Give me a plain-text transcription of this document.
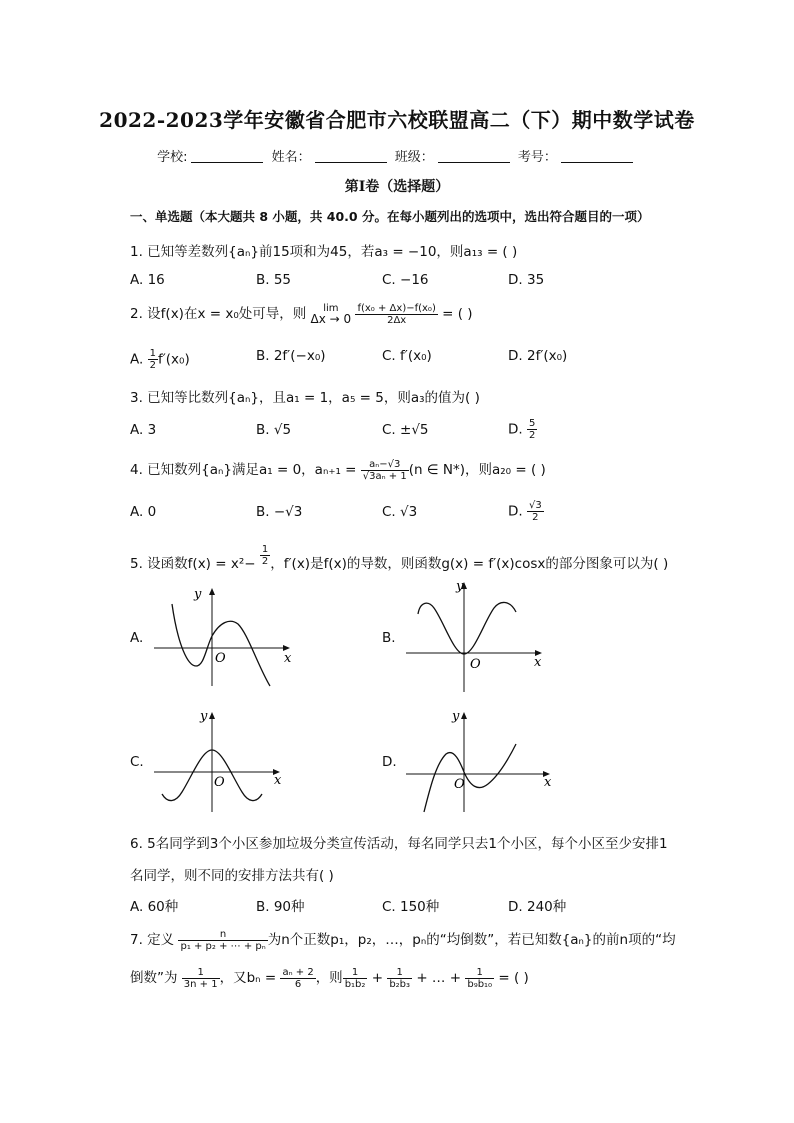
2022-2023学年安徽省合肥市六校联盟高二（下）期中数学试卷
学校:	姓名：	班级：	考号：
第I卷（选择题）
一、单选题（本大题共 8 小题，共 40.0 分。在每小题列出的选项中，选出符合题目的一项）
1. 已知等差数列{aₙ}前15项和为45，若a₃ = −10，则a₁₃ = ( )
A. 16	B. 55	C. −16	D. 35
2. 设f(x)在x = x₀处可导，则	lim
Δx → 0
$\frac{\text{f(x₀ + Δx)−f(x₀)}}{2\Delta x}$ = ( )
A. $\frac{1}{2} f'(x_0)$	B. 2f′(−x₀)	C. f′(x₀)	D. 2f′(x₀)
3. 已知等比数列{aₙ}，且a₁ = 1，a₅ = 5，则a₃的值为( )
A. 3	B. √5	C. ±√5	D. $\frac{5}{2}$
4. 已知数列{aₙ}满足a₁ = 0，$a_{n+1} = \frac{\text{aₙ−√3}}{\text{√3aₙ + 1}} (n$ ∈ N*)，则a₂₀ = ( )
A. 0	B. −√3	C. √3	D. $\frac{√3}{2}$
5. 设函数$f(x) = x^2- \frac{1}{2}$ ，f′(x)是f(x)的导数，则函数g(x) = f′(x)cosx的部分图象可以为( )
A.
y
x
O
B.
y
x
O
C.
y
x
O
D.
y
x
O
6. 5名同学到3个小区参加垃圾分类宣传活动，每名同学只去1个小区，每个小区至少安排1
名同学，则不同的安排方法共有( )
A. 60种	B. 90种	C. 150种	D. 240种
7. 定义 $\frac{n}{\text{p₁ + p₂ + ⋯ + pₙ}}$ 为n个正数p₁，p₂，…，pₙ的“均倒数”，若已知数{aₙ}的前n项的“均
倒数”为 $\frac{1}{3n + 1}$ ，又$b_n = \frac{\text{aₙ + 2}}{6}$ ，则 $\frac{1}{\text{b₁b₂}} + \frac{1}{\text{b₂b₃}}$ + … + $\frac{1}{\text{b₉b₁₀}}$ = ( )
